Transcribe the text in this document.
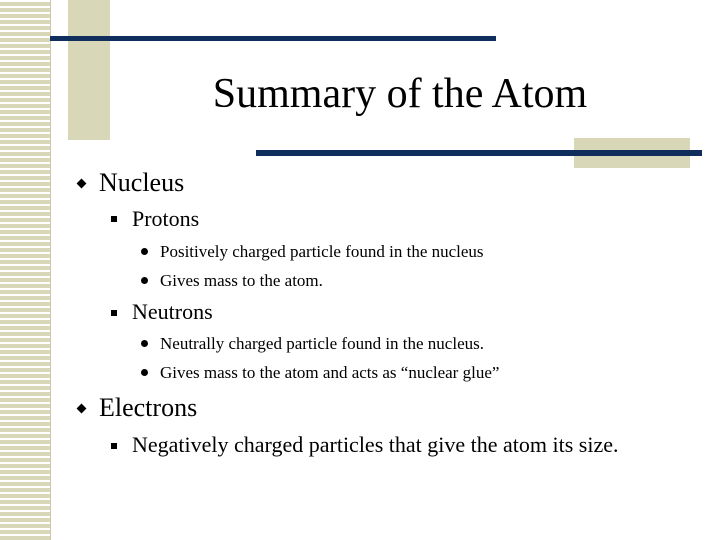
Summary of the Atom
Nucleus
Protons
Positively charged particle found in the nucleus
Gives mass to the atom.
Neutrons
Neutrally charged particle found in the nucleus.
Gives mass to the atom and acts as “nuclear glue”
Electrons
Negatively charged particles that give the atom its size.
